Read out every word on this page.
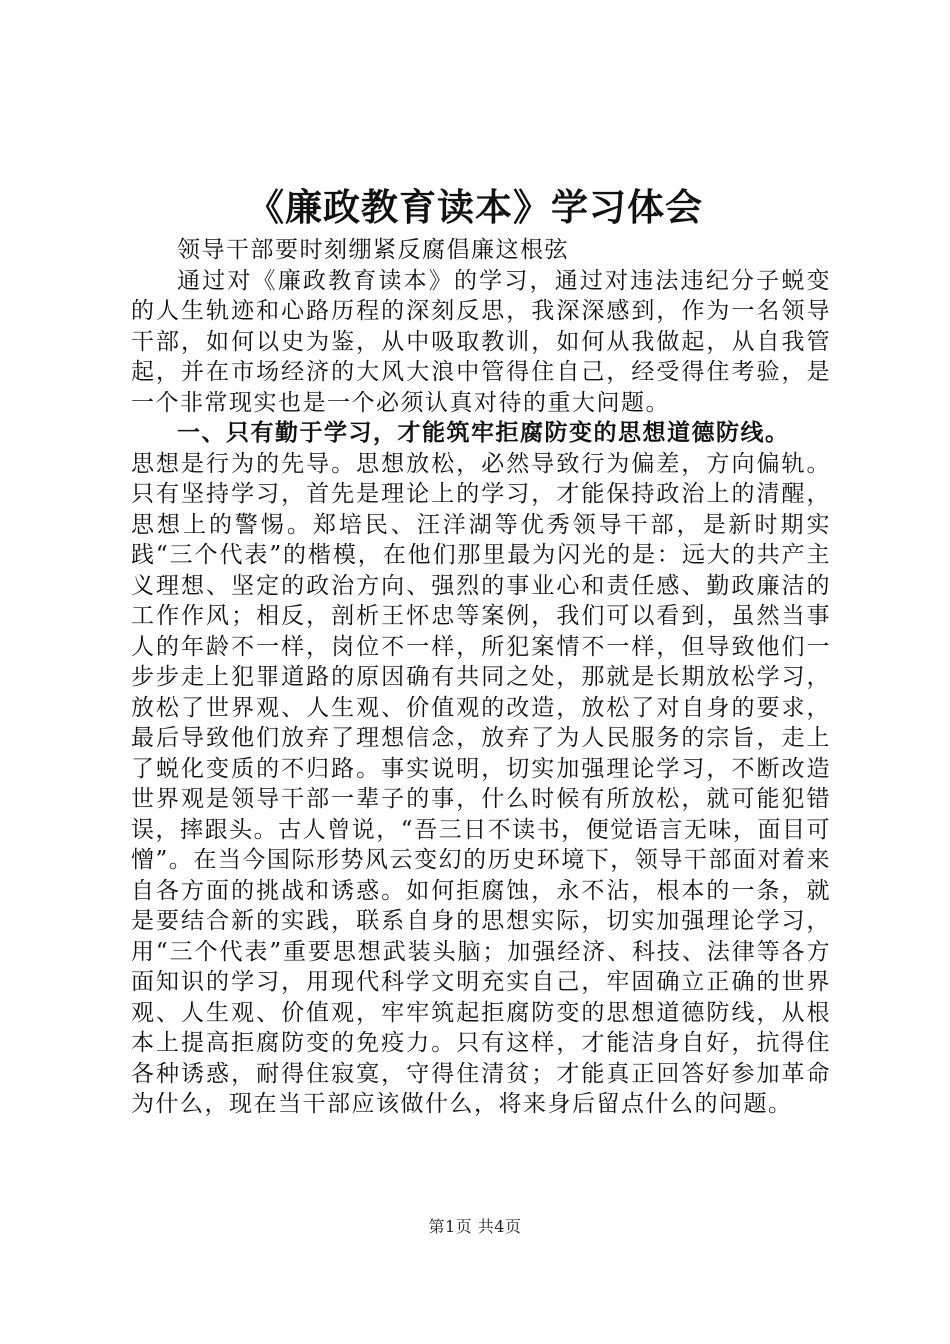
《廉政教育读本》学习体会

领导干部要时刻绷紧反腐倡廉这根弦

通过对《廉政教育读本》的学习，通过对违法违纪分子蜕变的人生轨迹和心路历程的深刻反思，我深深感到，作为一名领导干部，如何以史为鉴，从中吸取教训，如何从我做起，从自我管起，并在市场经济的大风大浪中管得住自己，经受得住考验，是一个非常现实也是一个必须认真对待的重大问题。

一、只有勤于学习，才能筑牢拒腐防变的思想道德防线。

思想是行为的先导。思想放松，必然导致行为偏差，方向偏轨。只有坚持学习，首先是理论上的学习，才能保持政治上的清醒，思想上的警惕。郑培民、汪洋湖等优秀领导干部，是新时期实践“三个代表”的楷模，在他们那里最为闪光的是：远大的共产主义理想、坚定的政治方向、强烈的事业心和责任感、勤政廉洁的工作作风；相反，剖析王怀忠等案例，我们可以看到，虽然当事人的年龄不一样，岗位不一样，所犯案情不一样，但导致他们一步步走上犯罪道路的原因确有共同之处，那就是长期放松学习，放松了世界观、人生观、价值观的改造，放松了对自身的要求，最后导致他们放弃了理想信念，放弃了为人民服务的宗旨，走上了蜕化变质的不归路。事实说明，切实加强理论学习，不断改造世界观是领导干部一辈子的事，什么时候有所放松，就可能犯错误，摔跟头。古人曾说，“吾三日不读书，便觉语言无味，面目可憎”。在当今国际形势风云变幻的历史环境下，领导干部面对着来自各方面的挑战和诱惑。如何拒腐蚀，永不沾，根本的一条，就是要结合新的实践，联系自身的思想实际，切实加强理论学习，用“三个代表”重要思想武装头脑；加强经济、科技、法律等各方面知识的学习，用现代科学文明充实自己，牢固确立正确的世界观、人生观、价值观，牢牢筑起拒腐防变的思想道德防线，从根本上提高拒腐防变的免疫力。只有这样，才能洁身自好，抗得住各种诱惑，耐得住寂寞，守得住清贫；才能真正回答好参加革命为什么，现在当干部应该做什么，将来身后留点什么的问题。

第1页 共4页
